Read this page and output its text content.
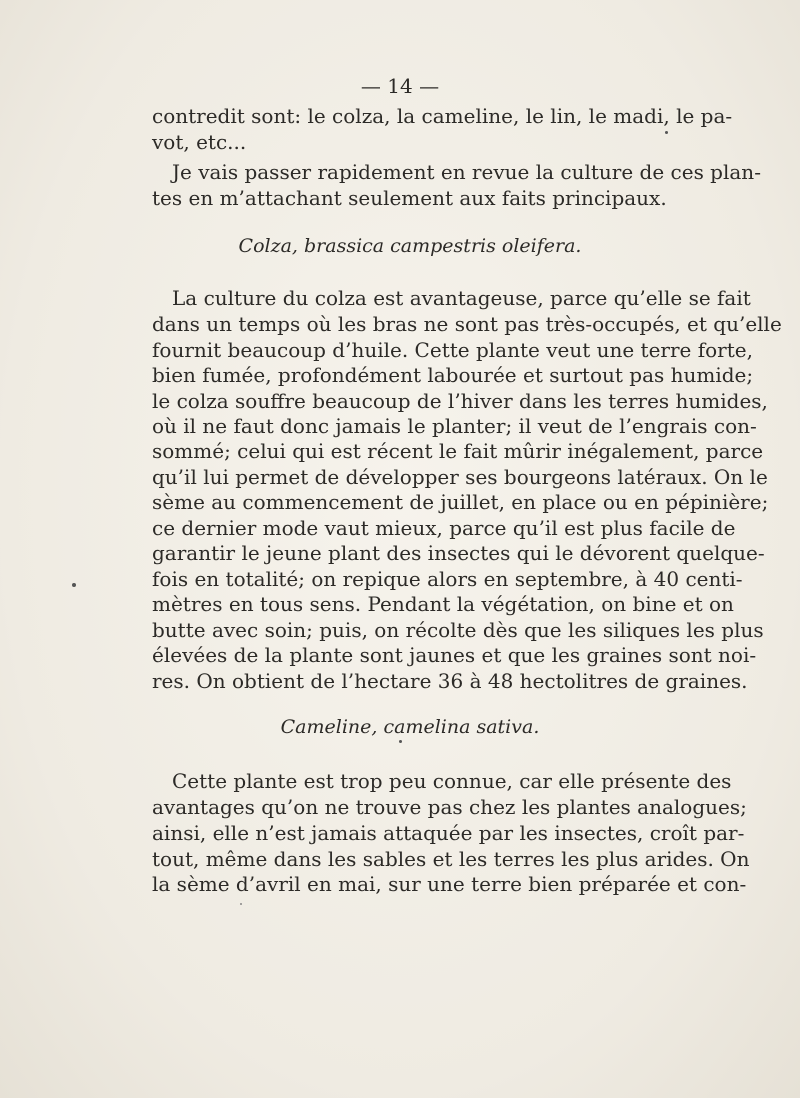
— 14 —
contredit sont: le colza, la cameline, le lin, le madi, le pa-
vot, etc...
Je vais passer rapidement en revue la culture de ces plan-
tes en m’attachant seulement aux faits principaux.
Colza, brassica campestris oleifera.
La culture du colza est avantageuse, parce qu’elle se fait
dans un temps où les bras ne sont pas très-occupés, et qu’elle
fournit beaucoup d’huile. Cette plante veut une terre forte,
bien fumée, profondément labourée et surtout pas humide;
le colza souffre beaucoup de l’hiver dans les terres humides,
où il ne faut donc jamais le planter; il veut de l’engrais con-
sommé; celui qui est récent le fait mûrir inégalement, parce
qu’il lui permet de développer ses bourgeons latéraux. On le
sème au commencement de juillet, en place ou en pépinière;
ce dernier mode vaut mieux, parce qu’il est plus facile de
garantir le jeune plant des insectes qui le dévorent quelque-
fois en totalité; on repique alors en septembre, à 40 centi-
mètres en tous sens. Pendant la végétation, on bine et on
butte avec soin; puis, on récolte dès que les siliques les plus
élevées de la plante sont jaunes et que les graines sont noi-
res. On obtient de l’hectare 36 à 48 hectolitres de graines.
Cameline, camelina sativa.
Cette plante est trop peu connue, car elle présente des
avantages qu’on ne trouve pas chez les plantes analogues;
ainsi, elle n’est jamais attaquée par les insectes, croît par-
tout, même dans les sables et les terres les plus arides. On
la sème d’avril en mai, sur une terre bien préparée et con-
